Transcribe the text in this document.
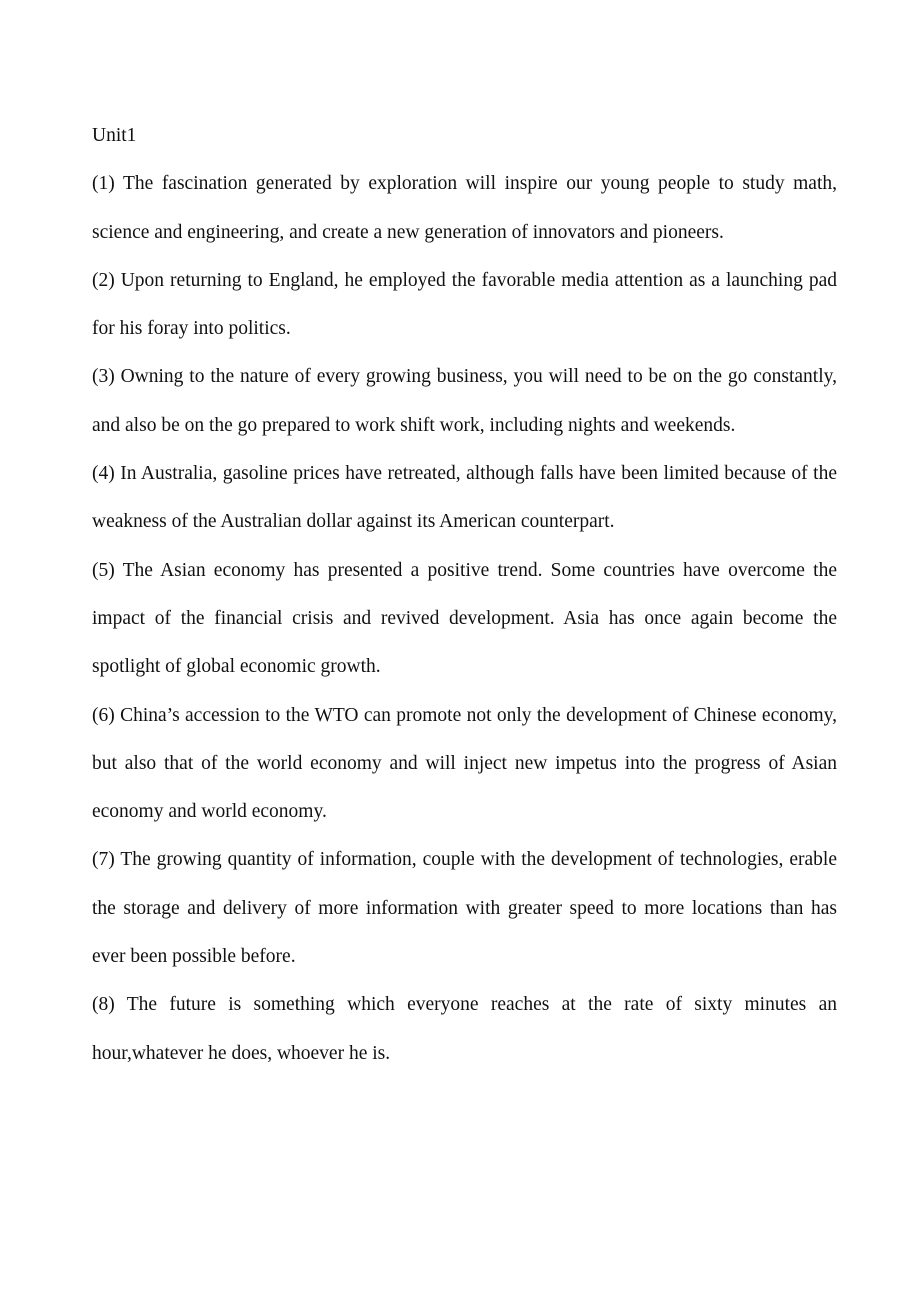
Unit1

(1) The fascination generated by exploration will inspire our young people to study math, science and engineering, and create a new generation of innovators and pioneers.

(2) Upon returning to England, he employed the favorable media attention as a launching pad for his foray into politics.

(3) Owning to the nature of every growing business, you will need to be on the go constantly, and also be on the go prepared to work shift work, including nights and weekends.

(4) In Australia, gasoline prices have retreated, although falls have been limited because of the weakness of the Australian dollar against its American counterpart.

(5) The Asian economy has presented a positive trend. Some countries have overcome the impact of the financial crisis and revived development. Asia has once again become the spotlight of global economic growth.

(6) China’s accession to the WTO can promote not only the development of Chinese economy, but also that of the world economy and will inject new impetus into the progress of Asian economy and world economy.

(7) The growing quantity of information, couple with the development of technologies, erable the storage and delivery of more information with greater speed to more locations than has ever been possible before.

(8) The future is something which everyone reaches at the rate of sixty minutes an hour,whatever he does, whoever he is.
